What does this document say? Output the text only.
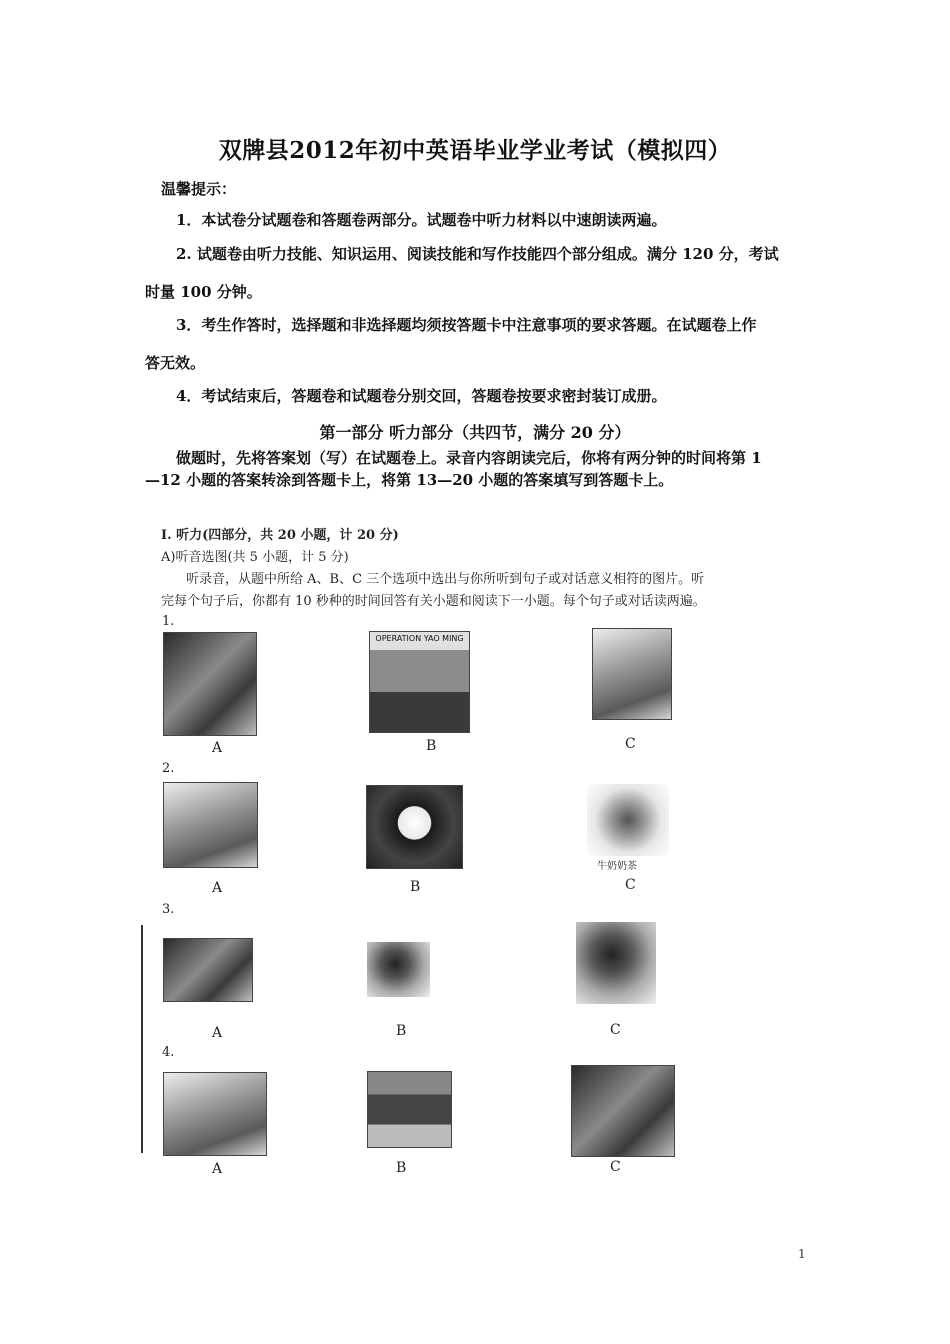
双牌县2012年初中英语毕业学业考试（模拟四）
温馨提示：
1．本试卷分试题卷和答题卷两部分。试题卷中听力材料以中速朗读两遍。
2. 试题卷由听力技能、知识运用、阅读技能和写作技能四个部分组成。满分 120 分，考试
时量 100 分钟。
3．考生作答时，选择题和非选择题均须按答题卡中注意事项的要求答题。在试题卷上作
答无效。
4．考试结束后，答题卷和试题卷分别交回，答题卷按要求密封装订成册。
第一部分 听力部分（共四节，满分 20 分）
做题时，先将答案划（写）在试题卷上。录音内容朗读完后，你将有两分钟的时间将第 1
—12 小题的答案转涂到答题卡上，将第 13—20 小题的答案填写到答题卡上。
Ⅰ. 听力(四部分，共 20 小题，计 20 分)
A)听音选图(共 5 小题，计 5 分)
听录音，从题中所给 A、B、C 三个选项中选出与你所听到句子或对话意义相符的图片。听
完每个句子后，你都有 10 秒种的时间回答有关小题和阅读下一小题。每个句子或对话读两遍。
1.
OPERATION YAO MING
A	B	C
2.
牛奶奶茶
A	B	C
3.
A	B	C
4.
A	B	C
1
